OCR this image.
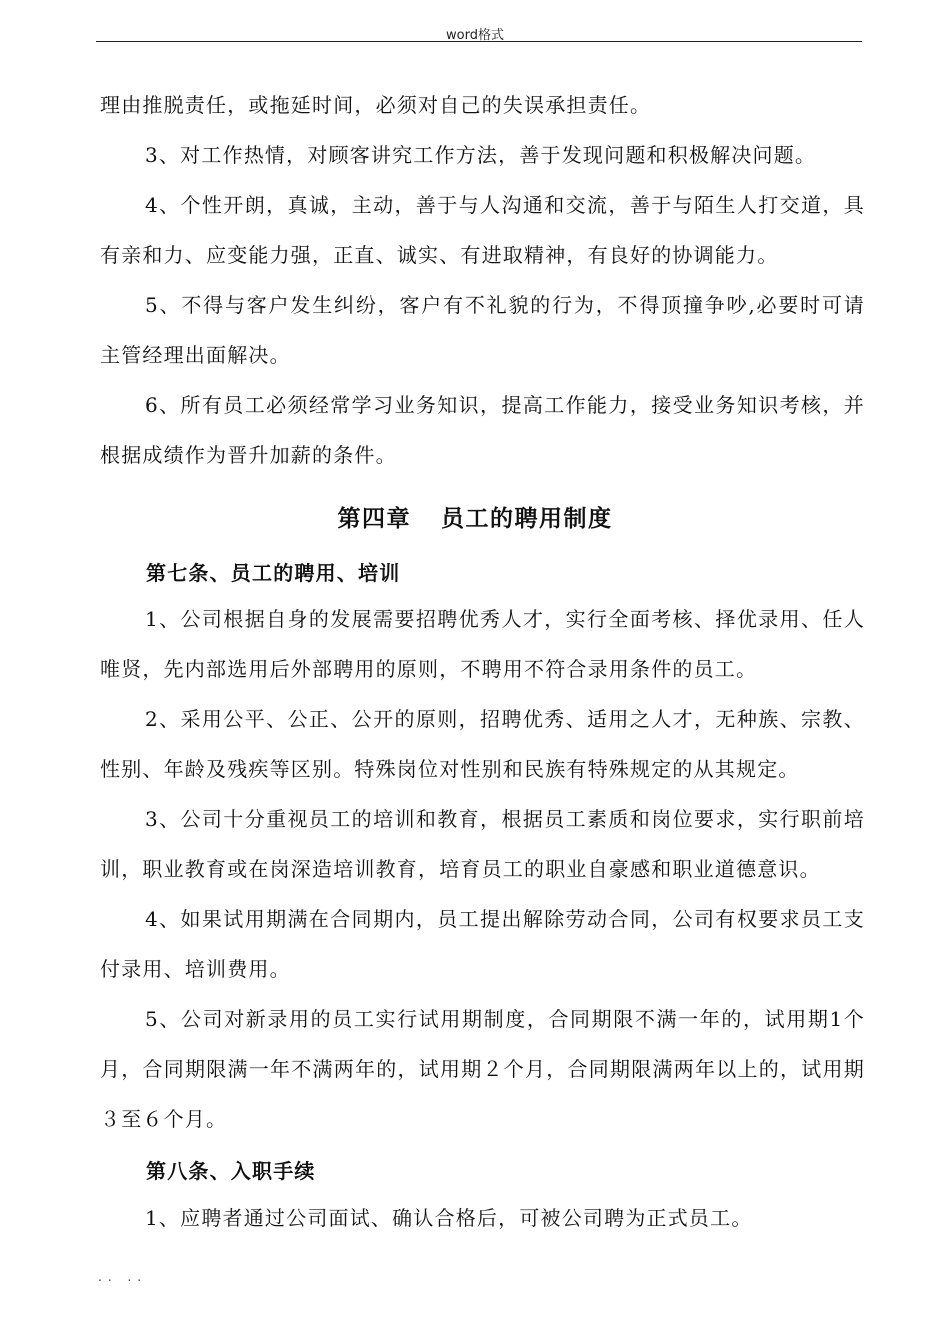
word格式

理由推脱责任，或拖延时间，必须对自己的失误承担责任。

3、对工作热情，对顾客讲究工作方法，善于发现问题和积极解决问题。

4、个性开朗，真诚，主动，善于与人沟通和交流，善于与陌生人打交道，具有亲和力、应变能力强，正直、诚实、有进取精神，有良好的协调能力。

5、不得与客户发生纠纷，客户有不礼貌的行为，不得顶撞争吵,必要时可请主管经理出面解决。

6、所有员工必须经常学习业务知识，提高工作能力，接受业务知识考核，并根据成绩作为晋升加薪的条件。

第四章 员工的聘用制度
第七条、员工的聘用、培训

1、公司根据自身的发展需要招聘优秀人才，实行全面考核、择优录用、任人唯贤，先内部选用后外部聘用的原则，不聘用不符合录用条件的员工。

2、采用公平、公正、公开的原则，招聘优秀、适用之人才，无种族、宗教、性别、年龄及残疾等区别。特殊岗位对性别和民族有特殊规定的从其规定。

3、公司十分重视员工的培训和教育，根据员工素质和岗位要求，实行职前培训，职业教育或在岗深造培训教育，培育员工的职业自豪感和职业道德意识。

4、如果试用期满在合同期内，员工提出解除劳动合同，公司有权要求员工支付录用、培训费用。

5、公司对新录用的员工实行试用期制度，合同期限不满一年的，试用期1个月，合同期限满一年不满两年的，试用期２个月，合同期限满两年以上的，试用期３至６个月。

第八条、入职手续

1、应聘者通过公司面试、确认合格后，可被公司聘为正式员工。

.. ..
